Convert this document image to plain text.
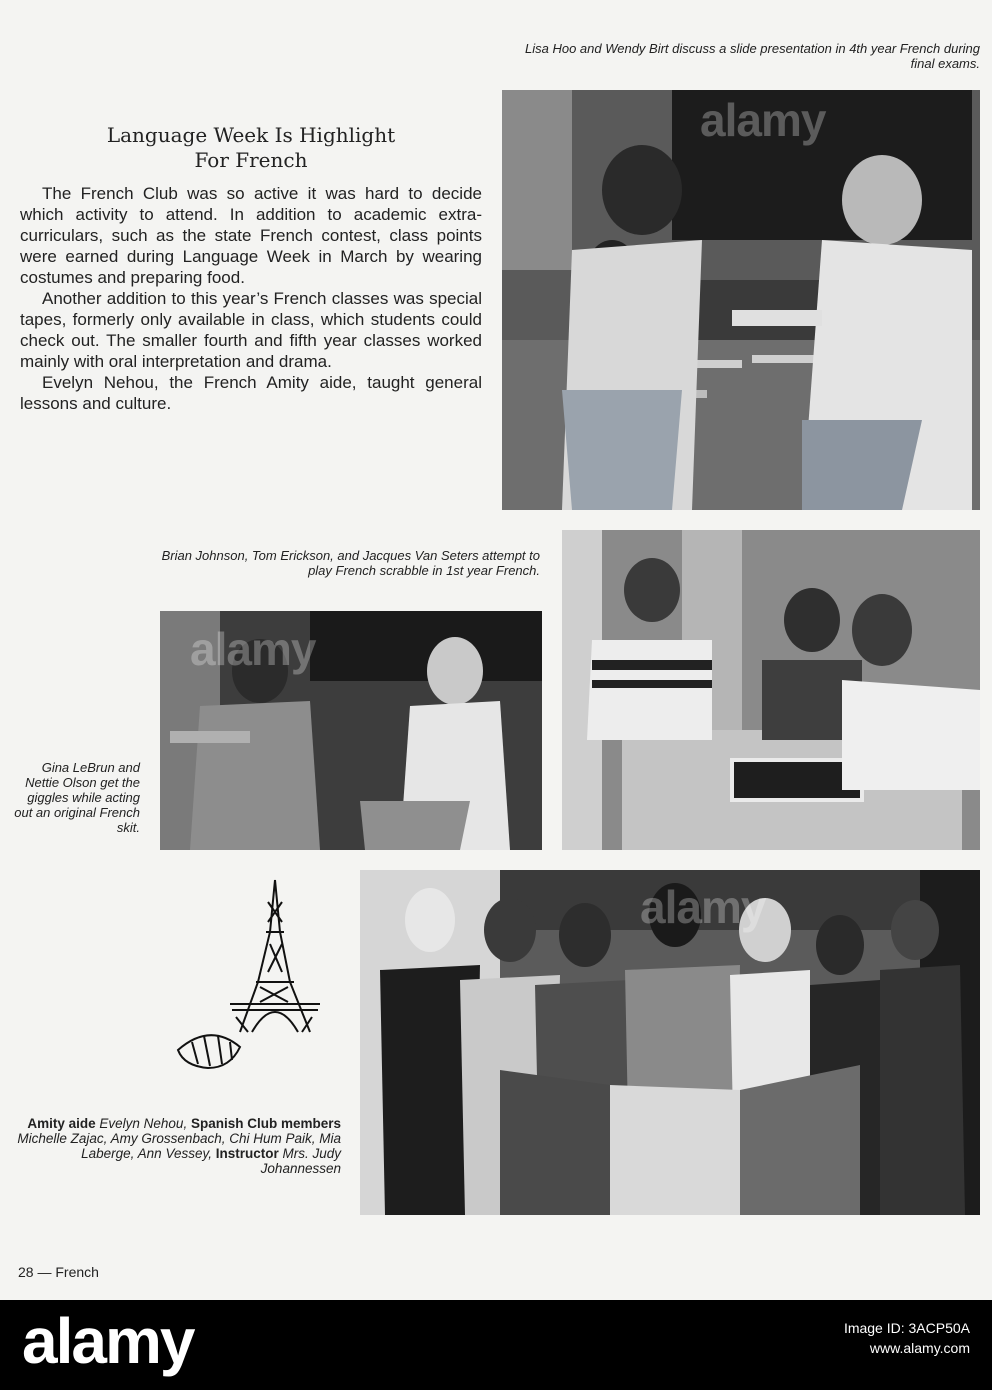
Lisa Hoo and Wendy Birt discuss a slide presentation in 4th year French during final exams.
Language Week Is Highlight
For French

The French Club was so active it was hard to decide which activity to attend. In addition to academic extra-curriculars, such as the state French contest, class points were earned during Language Week in March by wearing costumes and preparing food.

Another addition to this year’s French classes was special tapes, formerly only available in class, which students could check out. The smaller fourth and fifth year classes worked mainly with oral interpretation and drama.

Evelyn Nehou, the French Amity aide, taught general lessons and culture.

Brian Johnson, Tom Erickson, and Jacques Van Seters attempt to play French scrabble in 1st year French.
Gina LeBrun and Nettie Olson get the giggles while acting out an original French skit.
Amity aide Evelyn Nehou, Spanish Club members Michelle Zajac, Amy Grossenbach, Chi Hum Paik, Mia Laberge, Ann Vessey, Instructor Mrs. Judy Johannessen
28 — French
alamy
alamy
alamy
alamy	Image ID: 3ACP50A
www.alamy.com
